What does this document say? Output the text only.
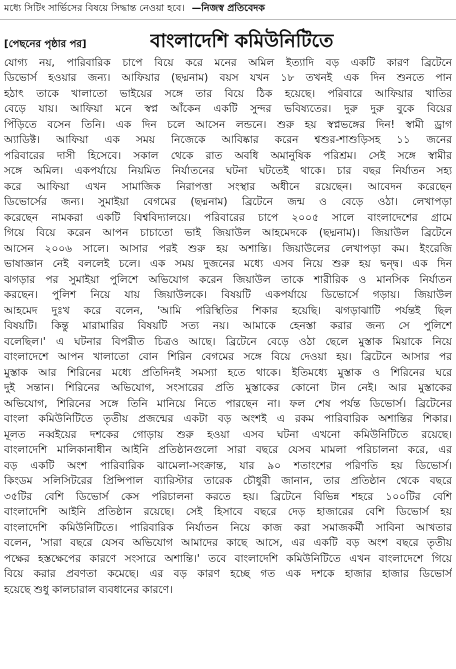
মধ্যে সিটিং সার্ভিসের বিষয়ে সিদ্ধান্ত নেওয়া হবে। —নিজস্ব প্রতিবেদক
বাংলাদেশি কমিউনিটিতে
[পেছনের পৃষ্ঠার পর]
যোগ্য নয়, পারিবারিক চাপে বিয়ে করে মনের অমিল ইত্যাদি বড় একটি কারণ ব্রিটেনে
ডিভোর্স হওয়ার জন্য। আফিয়ার (ছদ্মনাম) বয়স যখন ১৮ তখনই এক দিন শুনতে পান
হঠাৎ তাকে খালাতো ভাইয়ের সঙ্গে তার বিয়ে ঠিক হয়েছে। পরিবারে আফিয়ার খাতির
বেড়ে যায়। আফিয়া মনে স্বপ্ন আঁকেন একটি সুন্দর ভবিষ্যতের। দুরু দুরু বুকে বিয়ের
পিঁড়িতে বসেন তিনি। এক দিন চলে আসেন লন্ডনে। শুরু হয় স্বপ্নভঙ্গের দিন! স্বামী ড্রাগ
অ্যাডিক্ট। আফিয়া এক সময় নিজেকে আবিষ্কার করেন শ্বশুর-শাশুড়িসহ ১১ জনের
পরিবারের দাসী হিসেবে। সকাল থেকে রাত অবধি অমানুষিক পরিশ্রম। সেই সঙ্গে স্বামীর
সঙ্গে অমিল। একপর্যায়ে নিয়মিত নির্যাতনের ঘটনা ঘটতেই থাকে। চার বছর নির্যাতন সহ্য
করে আফিয়া এখন সামাজিক নিরাপত্তা সংস্থার অধীনে রয়েছেন। আবেদন করেছেন
ডিভোর্সের জন্য। সুমাইয়া বেগমের (ছদ্মনাম) ব্রিটেনে জন্ম ও বেড়ে ওঠা। লেখাপড়া
করেছেন নামকরা একটি বিশ্ববিদ্যালয়ে। পরিবারের চাপে ২০০৫ সালে বাংলাদেশের গ্রামে
গিয়ে বিয়ে করেন আপন চাচাতো ভাই জিয়াউল আহমেদকে (ছদ্মনাম)। জিয়াউল ব্রিটেনে
আসেন ২০০৬ সালে। আসার পরই শুরু হয় অশান্তি। জিয়াউলের লেখাপড়া কম। ইংরেজি
ভাষাজ্ঞান নেই বললেই চলে। এক সময় দুজনের মধ্যে এসব নিয়ে শুরু হয় দ্বন্দ্ব। এক দিন
ঝগড়ার পর সুমাইয়া পুলিশে অভিযোগ করেন জিয়াউল তাকে শারীরিক ও মানসিক নির্যাতন
করছেন। পুলিশ নিয়ে যায় জিয়াউলকে। বিষয়টি একপর্যায়ে ডিভোর্সে গড়ায়। জিয়াউল
আহমেদ দুঃখ করে বলেন, 'আমি পরিস্থিতির শিকার হয়েছি। ঝগড়াঝাটি পর্যন্তই ছিল
বিষয়টি। কিন্তু মারামারির বিষয়টি সত্য নয়। আমাকে হেনস্তা করার জন্য সে পুলিশে
বলেছিল।' এ ঘটনার বিপরীত চিত্রও আছে। ব্রিটেনে বেড়ে ওঠা ছেলে মুস্তাক মিয়াকে নিয়ে
বাংলাদেশে আপন খালাতো বোন শিরিন বেগমের সঙ্গে বিয়ে দেওয়া হয়। ব্রিটেনে আসার পর
মুস্তাক আর শিরিনের মধ্যে প্রতিদিনই সমস্যা হতে থাকে। ইতিমধ্যে মুস্তাক ও শিরিনের ঘরে
দুই সন্তান। শিরিনের অভিযোগ, সংসারের প্রতি মুস্তাকের কোনো টান নেই। আর মুস্তাকের
অভিযোগ, শিরিনের সঙ্গে তিনি মানিয়ে নিতে পারছেন না। ফল শেষ পর্যন্ত ডিভোর্স। ব্রিটেনের
বাংলা কমিউনিটিতে তৃতীয় প্রজন্মের একটা বড় অংশই এ রকম পারিবারিক অশান্তির শিকার।
মূলত নব্বইয়ের দশকের গোড়ায় শুরু হওয়া এসব ঘটনা এখনো কমিউনিটিতে রয়েছে।
বাংলাদেশি মালিকানাধীন আইনি প্রতিষ্ঠানগুলো সারা বছরে যেসব মামলা পরিচালনা করে, এর
বড় একটি অংশ পারিবারিক ঝামেলা-সংক্রান্ত, যার ৯০ শতাংশের পরিণতি হয় ডিভোর্স।
কিংডম সলিসিটরের প্রিন্সিপাল ব্যারিস্টার তারেক চৌধুরী জানান, তার প্রতিষ্ঠান থেকে বছরে
৩৫টির বেশি ডিভোর্স কেস পরিচালনা করতে হয়। ব্রিটেনে বিভিন্ন শহরে ১০০টির বেশি
বাংলাদেশি আইনি প্রতিষ্ঠান রয়েছে। সেই হিসাবে বছরে দেড় হাজারের বেশি ডিভোর্স হয়
বাংলাদেশি কমিউনিটিতে। পারিবারিক নির্যাতন নিয়ে কাজ করা সমাজকর্মী সাবিনা আখতার
বলেন, 'সারা বছরে যেসব অভিযোগ আমাদের কাছে আসে, এর একটি বড় অংশ বছরে তৃতীয়
পক্ষের হস্তক্ষেপের কারণে সংসারে অশান্তি।' তবে বাংলাদেশি কমিউনিটিতে এখন বাংলাদেশে গিয়ে
বিয়ে করার প্রবণতা কমেছে। এর বড় কারণ হচ্ছে গত এক দশকে হাজার হাজার ডিভোর্স
হয়েছে শুধু কালচারাল ব্যবধানের কারণে।
